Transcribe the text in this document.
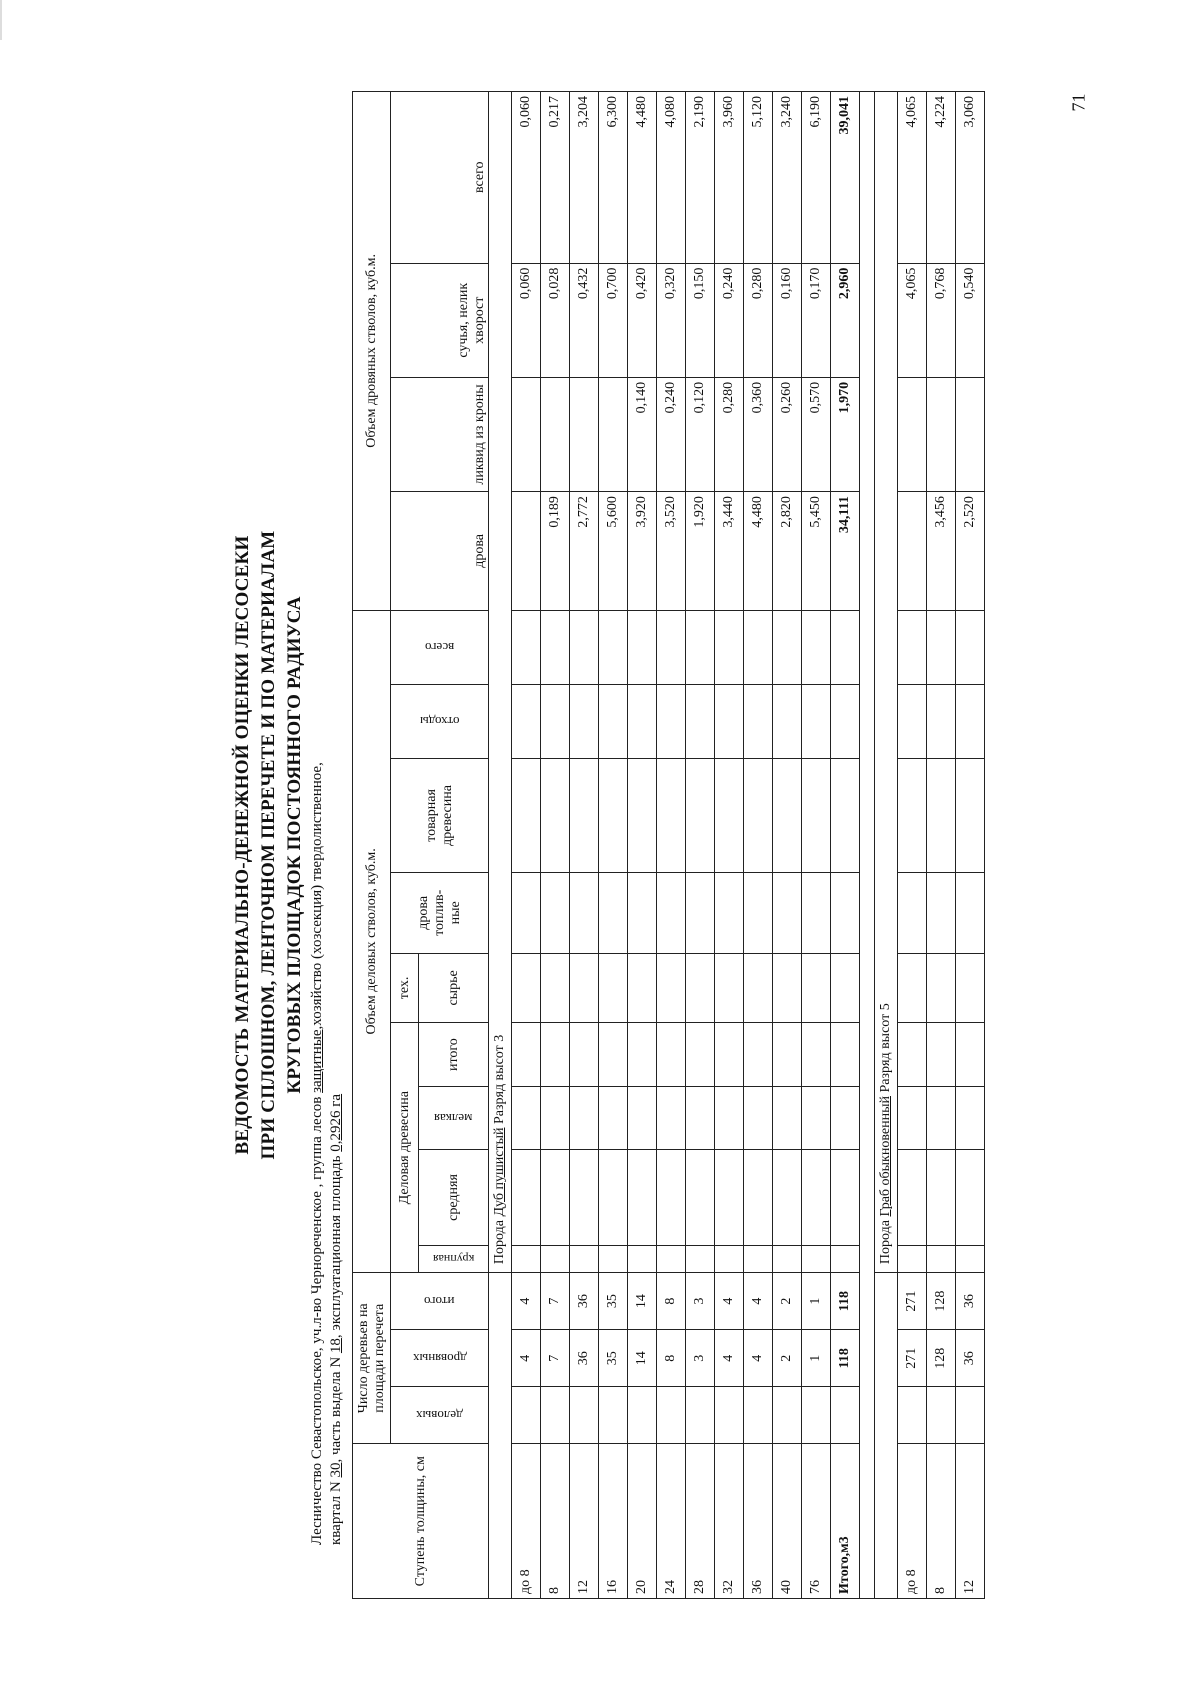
71
ВЕДОМОСТЬ МАТЕРИАЛЬНО-ДЕНЕЖНОЙ ОЦЕНКИ ЛЕСОСЕКИ ПРИ СПЛОШНОМ, ЛЕНТОЧНОМ ПЕРЕЧЕТЕ И ПО МАТЕРИАЛАМ КРУГОВЫХ ПЛОЩАДОК ПОСТОЯННОГО РАДИУСА
Лесничество Севастопольское, уч.л-во Чернореченское , группа лесов защитные,хозяйство (хозсекция) твердолиственное,
квартал N 30, часть выдела N 18, эксплуатационная площадь 0,2926 га
Ступень толщины, см	Число деревьев на площади перечета			Объем деловых стволов, куб.м.									Объем дровяных стволов, куб.м.			

	деловых	дровяных	итого	Деловая древесина				тех.	дрова топлив- ные	товарная древесина	отходы	всего	дрова	ликвид из кроны	сучья, нелик хворост	всего

				крупная	средняя	мелкая	итого	сырье								
				Порода Дуб пушистый Разряд высот 3												
до 8		4	4												0,060	0,060
8		7	7										0,189		0,028	0,217
12		36	36										2,772		0,432	3,204
16		35	35										5,600		0,700	6,300
20		14	14										3,920	0,140	0,420	4,480
24		8	8										3,520	0,240	0,320	4,080
28		3	3										1,920	0,120	0,150	2,190
32		4	4										3,440	0,280	0,240	3,960
36		4	4										4,480	0,360	0,280	5,120
40		2	2										2,820	0,260	0,160	3,240
76		1	1										5,450	0,570	0,170	6,190
Итого,м3		118	118										34,111	1,970	2,960	39,041

				Порода Граб обыкновенный Разряд высот 5												
до 8		271	271												4,065	4,065
8		128	128										3,456		0,768	4,224
12		36	36										2,520		0,540	3,060
